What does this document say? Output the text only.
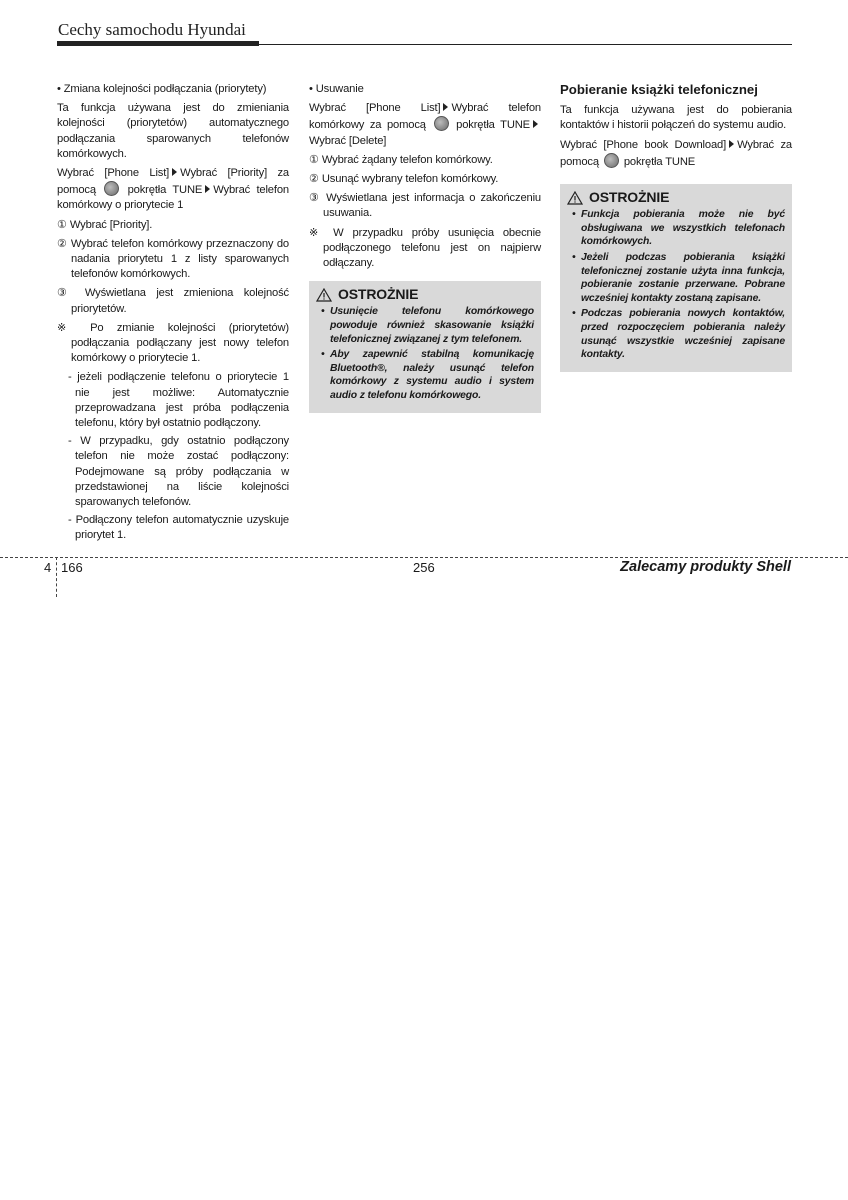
Cechy samochodu Hyundai

• Zmiana kolejności podłączania (priorytety)

Ta funkcja używana jest do zmieniania kolejności (priorytetów) automatycznego podłączania sparowanych telefonów komórkowych.

Wybrać [Phone List] Wybrać [Priority] za pomocą	pokrętła TUNE Wybrać telefon komórkowy o priorytecie 1

① Wybrać [Priority].

② Wybrać telefon komórkowy przeznaczony do nadania priorytetu 1 z listy sparowanych telefonów komórkowych.

③ Wyświetlana jest zmieniona kolejność priorytetów.

※ Po zmianie kolejności (priorytetów) podłączania podłączany jest nowy telefon komórkowy o priorytecie 1.

- jeżeli podłączenie telefonu o priorytecie 1 nie jest możliwe: Automatycznie przeprowadzana jest próba podłączenia telefonu, który był ostatnio podłączony.

- W przypadku, gdy ostatnio podłączony telefon nie może zostać podłączony: Podejmowane są próby podłączania w przedstawionej na liście kolejności sparowanych telefonów.

- Podłączony telefon automatycznie uzyskuje priorytet 1.

• Usuwanie

Wybrać [Phone List] Wybrać telefon komórkowy za pomocą	pokrętła TUNEWybrać [Delete]

① Wybrać żądany telefon komórkowy.

② Usunąć wybrany telefon komórkowy.

③ Wyświetlana jest informacja o zakończeniu usuwania.

※ W przypadku próby usunięcia obecnie podłączonego telefonu jest on najpierw odłączany.

OSTROŻNIE
• Usunięcie telefonu komórkowego powoduje również skasowanie książki telefonicznej związanej z tym telefonem.
• Aby zapewnić stabilną komunikację Bluetooth®, należy usunąć telefon komórkowy z systemu audio i system audio z telefonu komórkowego.

Pobieranie książki telefonicznej

Ta funkcja używana jest do pobierania kontaktów i historii połączeń do systemu audio.

Wybrać [Phone book Download] Wybrać za pomocą pokrętła TUNE

OSTROŻNIE
• Funkcja pobierania może nie być obsługiwana we wszystkich telefonach komórkowych.
• Jeżeli podczas pobierania książki telefonicznej zostanie użyta inna funkcja, pobieranie zostanie przerwane. Pobrane wcześniej kontakty zostaną zapisane.
• Podczas pobierania nowych kontaktów, przed rozpoczęciem pobierania należy usunąć wszystkie wcześniej zapisane kontakty.
4 166	256	Zalecamy produkty Shell
